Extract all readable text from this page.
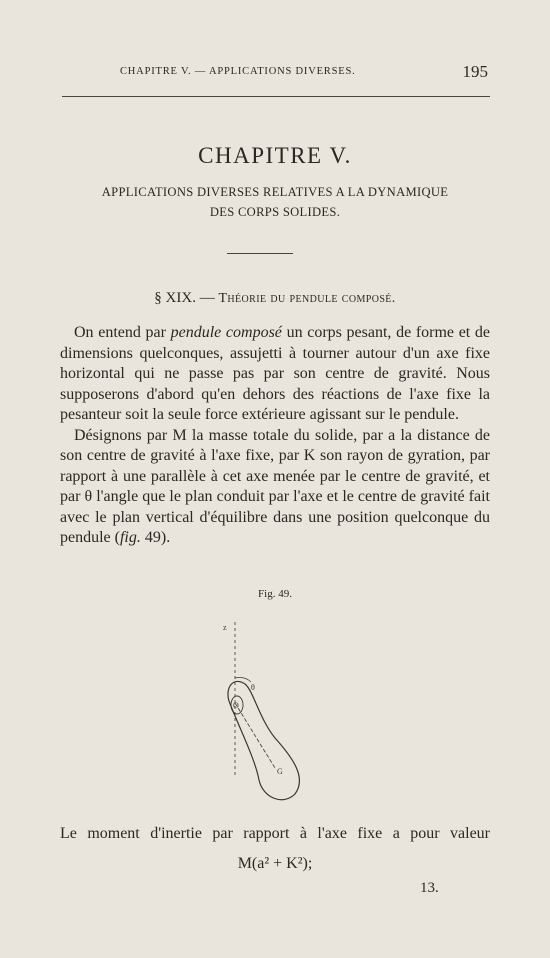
CHAPITRE V. — APPLICATIONS DIVERSES.	195
CHAPITRE V.
APPLICATIONS DIVERSES RELATIVES A LA DYNAMIQUE
DES CORPS SOLIDES.
§ XIX. — Théorie du pendule composé.

On entend par pendule composé un corps pesant, de forme et de dimensions quelconques, assujetti à tourner autour d'un axe fixe horizontal qui ne passe pas par son centre de gravité. Nous supposerons d'abord qu'en dehors des réactions de l'axe fixe la pesanteur soit la seule force extérieure agissant sur le pendule.

Désignons par M la masse totale du solide, par a la distance de son centre de gravité à l'axe fixe, par K son rayon de gyration, par rapport à une parallèle à cet axe menée par le centre de gravité, et par θ l'angle que le plan conduit par l'axe et le centre de gravité fait avec le plan vertical d'équilibre dans une position quelconque du pendule (fig. 49).

Fig. 49.
z
θ
O
G
Le moment d'inertie par rapport à l'axe fixe a pour valeur
M(a² + K²);
13.
